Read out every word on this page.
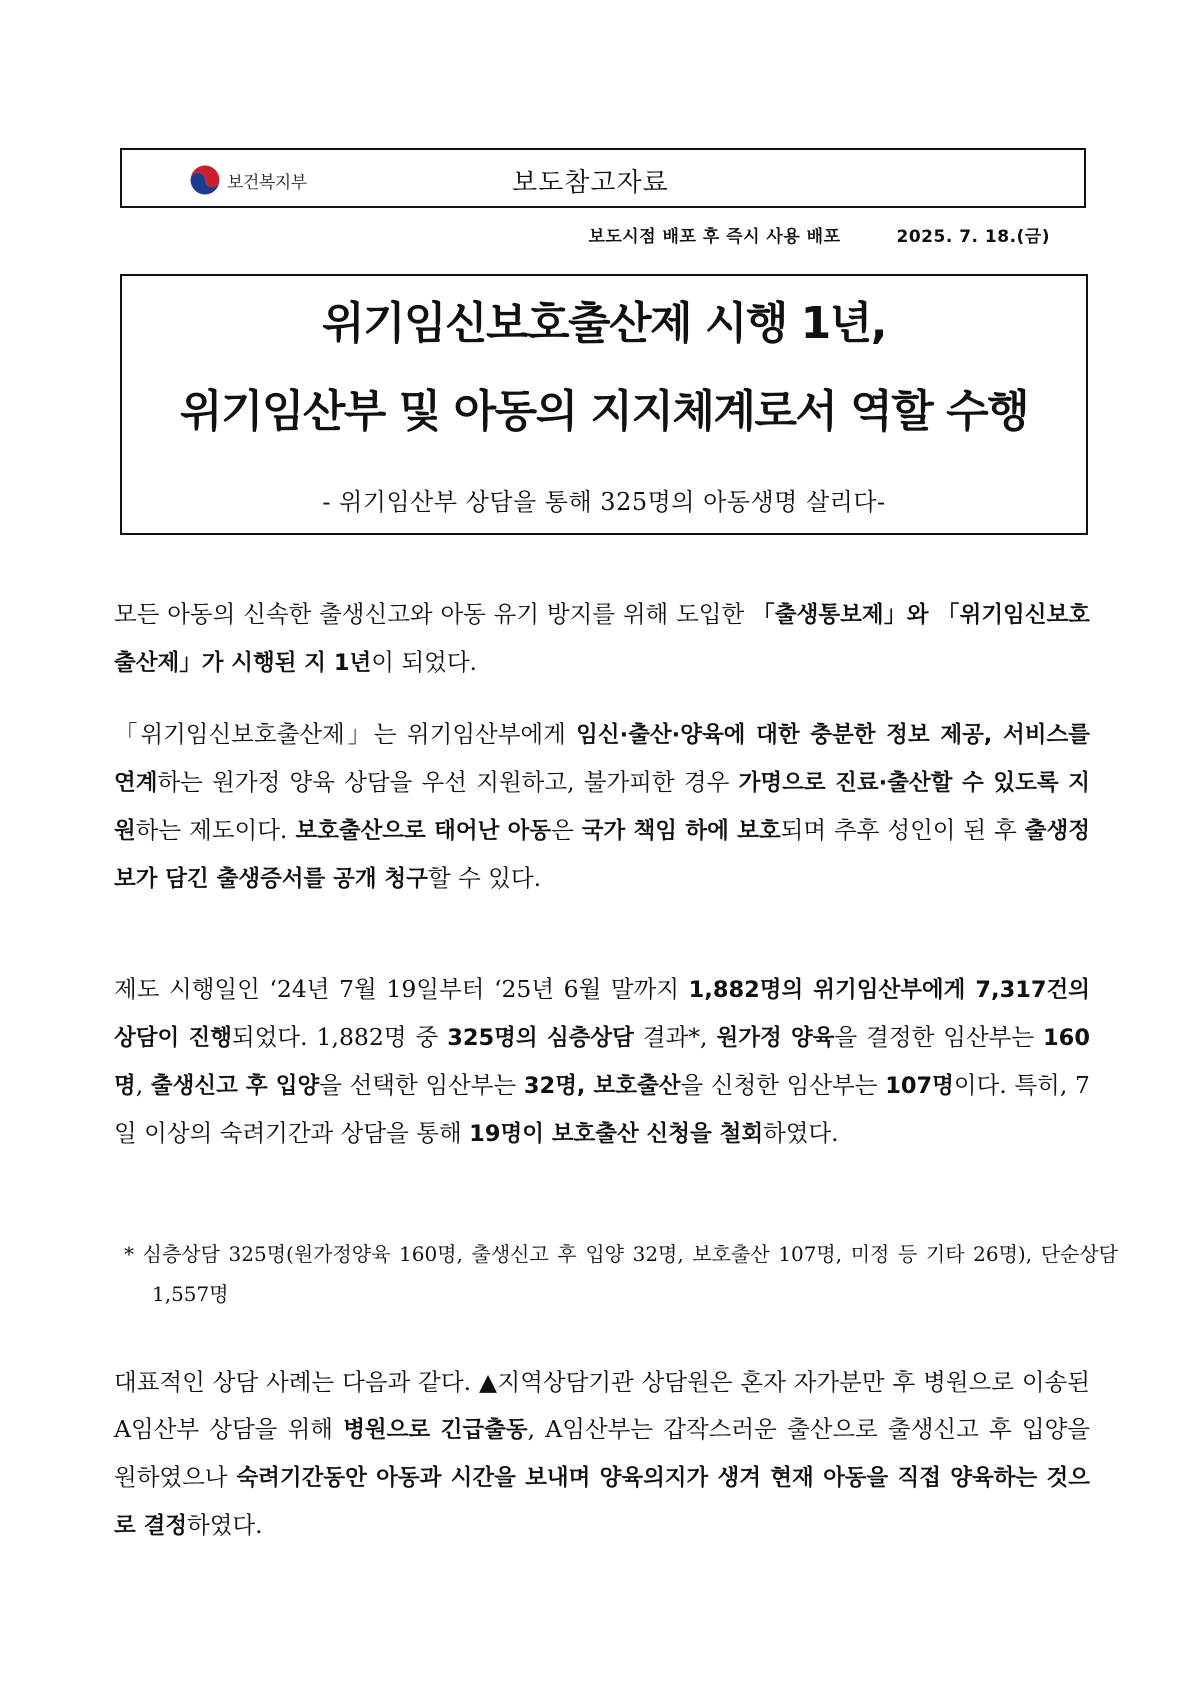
보건복지부	보도참고자료
보도시점 배포 후 즉시 사용 배포	2025. 7. 18.(금)
위기임신보호출산제 시행 1년,
위기임산부 및 아동의 지지체계로서 역할 수행
- 위기임산부 상담을 통해 325명의 아동생명 살리다-

모든 아동의 신속한 출생신고와 아동 유기 방지를 위해 도입한 「출생통보제」와 「위기임신보호출산제」가 시행된 지 1년이 되었다.

「위기임신보호출산제」는 위기임산부에게 임신·출산·양육에 대한 충분한 정보 제공, 서비스를 연계하는 원가정 양육 상담을 우선 지원하고, 불가피한 경우 가명으로 진료·출산할 수 있도록 지원하는 제도이다. 보호출산으로 태어난 아동은 국가 책임 하에 보호되며 추후 성인이 된 후 출생정보가 담긴 출생증서를 공개 청구할 수 있다.

제도 시행일인 ‘24년 7월 19일부터 ‘25년 6월 말까지 1,882명의 위기임산부에게 7,317건의 상담이 진행되었다. 1,882명 중 325명의 심층상담 결과*, 원가정 양육을 결정한 임산부는 160명, 출생신고 후 입양을 선택한 임산부는 32명, 보호출산을 신청한 임산부는 107명이다. 특히, 7일 이상의 숙려기간과 상담을 통해 19명이 보호출산 신청을 철회하였다.

* 심층상담 325명(원가정양육 160명, 출생신고 후 입양 32명, 보호출산 107명, 미정 등 기타 26명), 단순상담 1,557명

대표적인 상담 사례는 다음과 같다. ▲지역상담기관 상담원은 혼자 자가분만 후 병원으로 이송된 A임산부 상담을 위해 병원으로 긴급출동, A임산부는 갑작스러운 출산으로 출생신고 후 입양을 원하였으나 숙려기간동안 아동과 시간을 보내며 양육의지가 생겨 현재 아동을 직접 양육하는 것으로 결정하였다.
